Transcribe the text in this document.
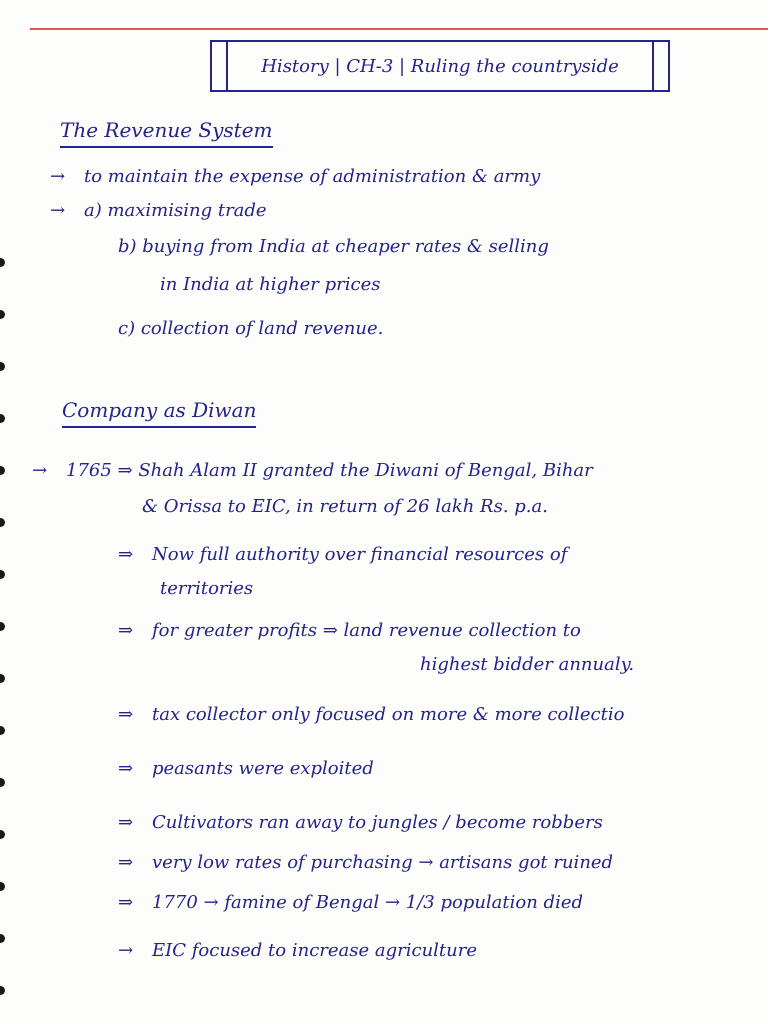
History | CH-3 | Ruling the countryside
The Revenue System
→ to maintain the expense of administration & army
→ a) maximising trade
b) buying from India at cheaper rates & selling
in India at higher prices
c) collection of land revenue.
Company as Diwan
→ 1765 ⇒ Shah Alam II granted the Diwani of Bengal, Bihar
& Orissa to EIC, in return of 26 lakh Rs. p.a.
⇒ Now full authority over financial resources of
territories
⇒ for greater profits ⇒ land revenue collection to
highest bidder annualy.
⇒ tax collector only focused on more & more collectio
⇒ peasants were exploited
⇒ Cultivators ran away to jungles / become robbers
⇒ very low rates of purchasing → artisans got ruined
⇒ 1770 → famine of Bengal → 1/3 population died
→ EIC focused to increase agriculture
